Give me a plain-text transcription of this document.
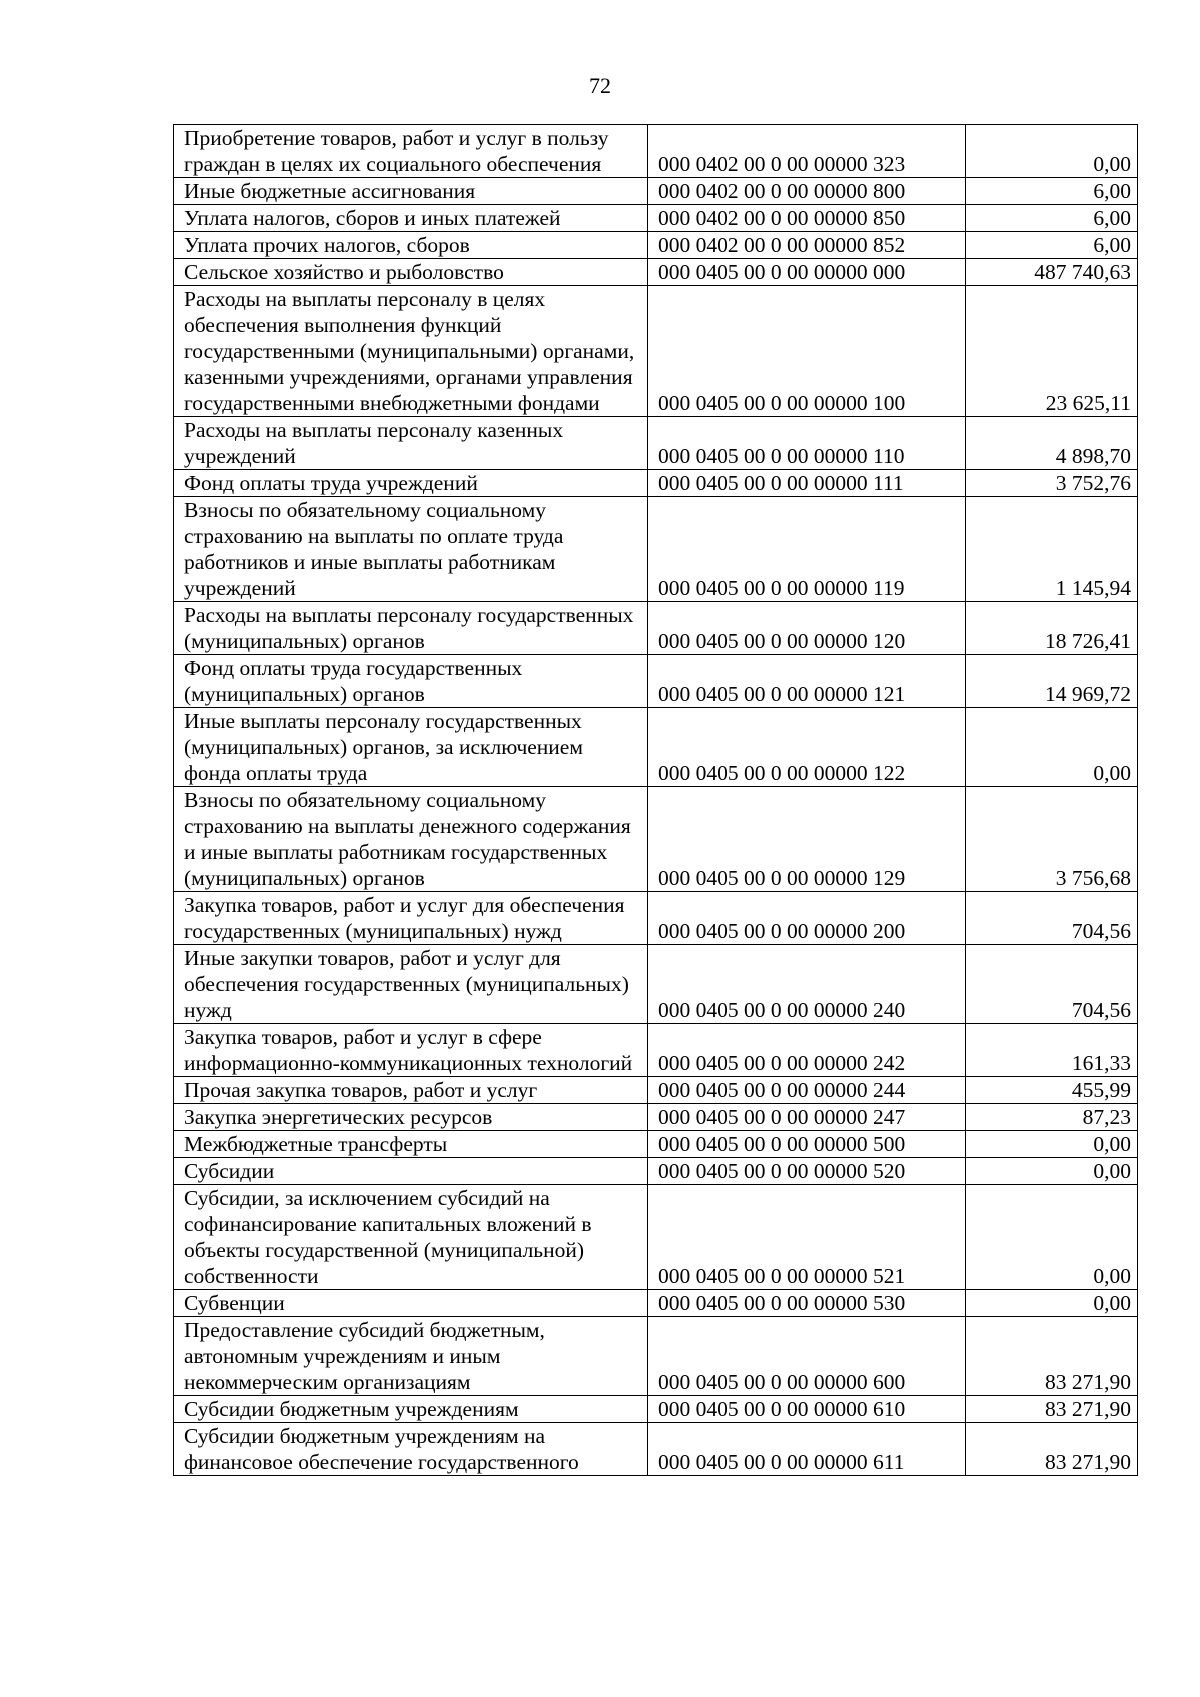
72
Приобретение товаров, работ и услуг в пользу граждан в целях их социального обеспечения	000 0402 00 0 00 00000 323	0,00
Иные бюджетные ассигнования	000 0402 00 0 00 00000 800	6,00
Уплата налогов, сборов и иных платежей	000 0402 00 0 00 00000 850	6,00
Уплата прочих налогов, сборов	000 0402 00 0 00 00000 852	6,00
Сельское хозяйство и рыболовство	000 0405 00 0 00 00000 000	487 740,63
Расходы на выплаты персоналу в целях обеспечения выполнения функций государственными (муниципальными) органами, казенными учреждениями, органами управления государственными внебюджетными фондами	000 0405 00 0 00 00000 100	23 625,11
Расходы на выплаты персоналу казенных учреждений	000 0405 00 0 00 00000 110	4 898,70
Фонд оплаты труда учреждений	000 0405 00 0 00 00000 111	3 752,76
Взносы по обязательному социальному страхованию на выплаты по оплате труда работников и иные выплаты работникам учреждений	000 0405 00 0 00 00000 119	1 145,94
Расходы на выплаты персоналу государственных (муниципальных) органов	000 0405 00 0 00 00000 120	18 726,41
Фонд оплаты труда государственных (муниципальных) органов	000 0405 00 0 00 00000 121	14 969,72
Иные выплаты персоналу государственных (муниципальных) органов, за исключением фонда оплаты труда	000 0405 00 0 00 00000 122	0,00
Взносы по обязательному социальному страхованию на выплаты денежного содержания и иные выплаты работникам государственных (муниципальных) органов	000 0405 00 0 00 00000 129	3 756,68
Закупка товаров, работ и услуг для обеспечения государственных (муниципальных) нужд	000 0405 00 0 00 00000 200	704,56
Иные закупки товаров, работ и услуг для обеспечения государственных (муниципальных) нужд	000 0405 00 0 00 00000 240	704,56
Закупка товаров, работ и услуг в сфере информационно-коммуникационных технологий	000 0405 00 0 00 00000 242	161,33
Прочая закупка товаров, работ и услуг	000 0405 00 0 00 00000 244	455,99
Закупка энергетических ресурсов	000 0405 00 0 00 00000 247	87,23
Межбюджетные трансферты	000 0405 00 0 00 00000 500	0,00
Субсидии	000 0405 00 0 00 00000 520	0,00
Субсидии, за исключением субсидий на софинансирование капитальных вложений в объекты государственной (муниципальной) собственности	000 0405 00 0 00 00000 521	0,00
Субвенции	000 0405 00 0 00 00000 530	0,00
Предоставление субсидий бюджетным, автономным учреждениям и иным некоммерческим организациям	000 0405 00 0 00 00000 600	83 271,90
Субсидии бюджетным учреждениям	000 0405 00 0 00 00000 610	83 271,90
Субсидии бюджетным учреждениям на финансовое обеспечение государственного	000 0405 00 0 00 00000 611	83 271,90
